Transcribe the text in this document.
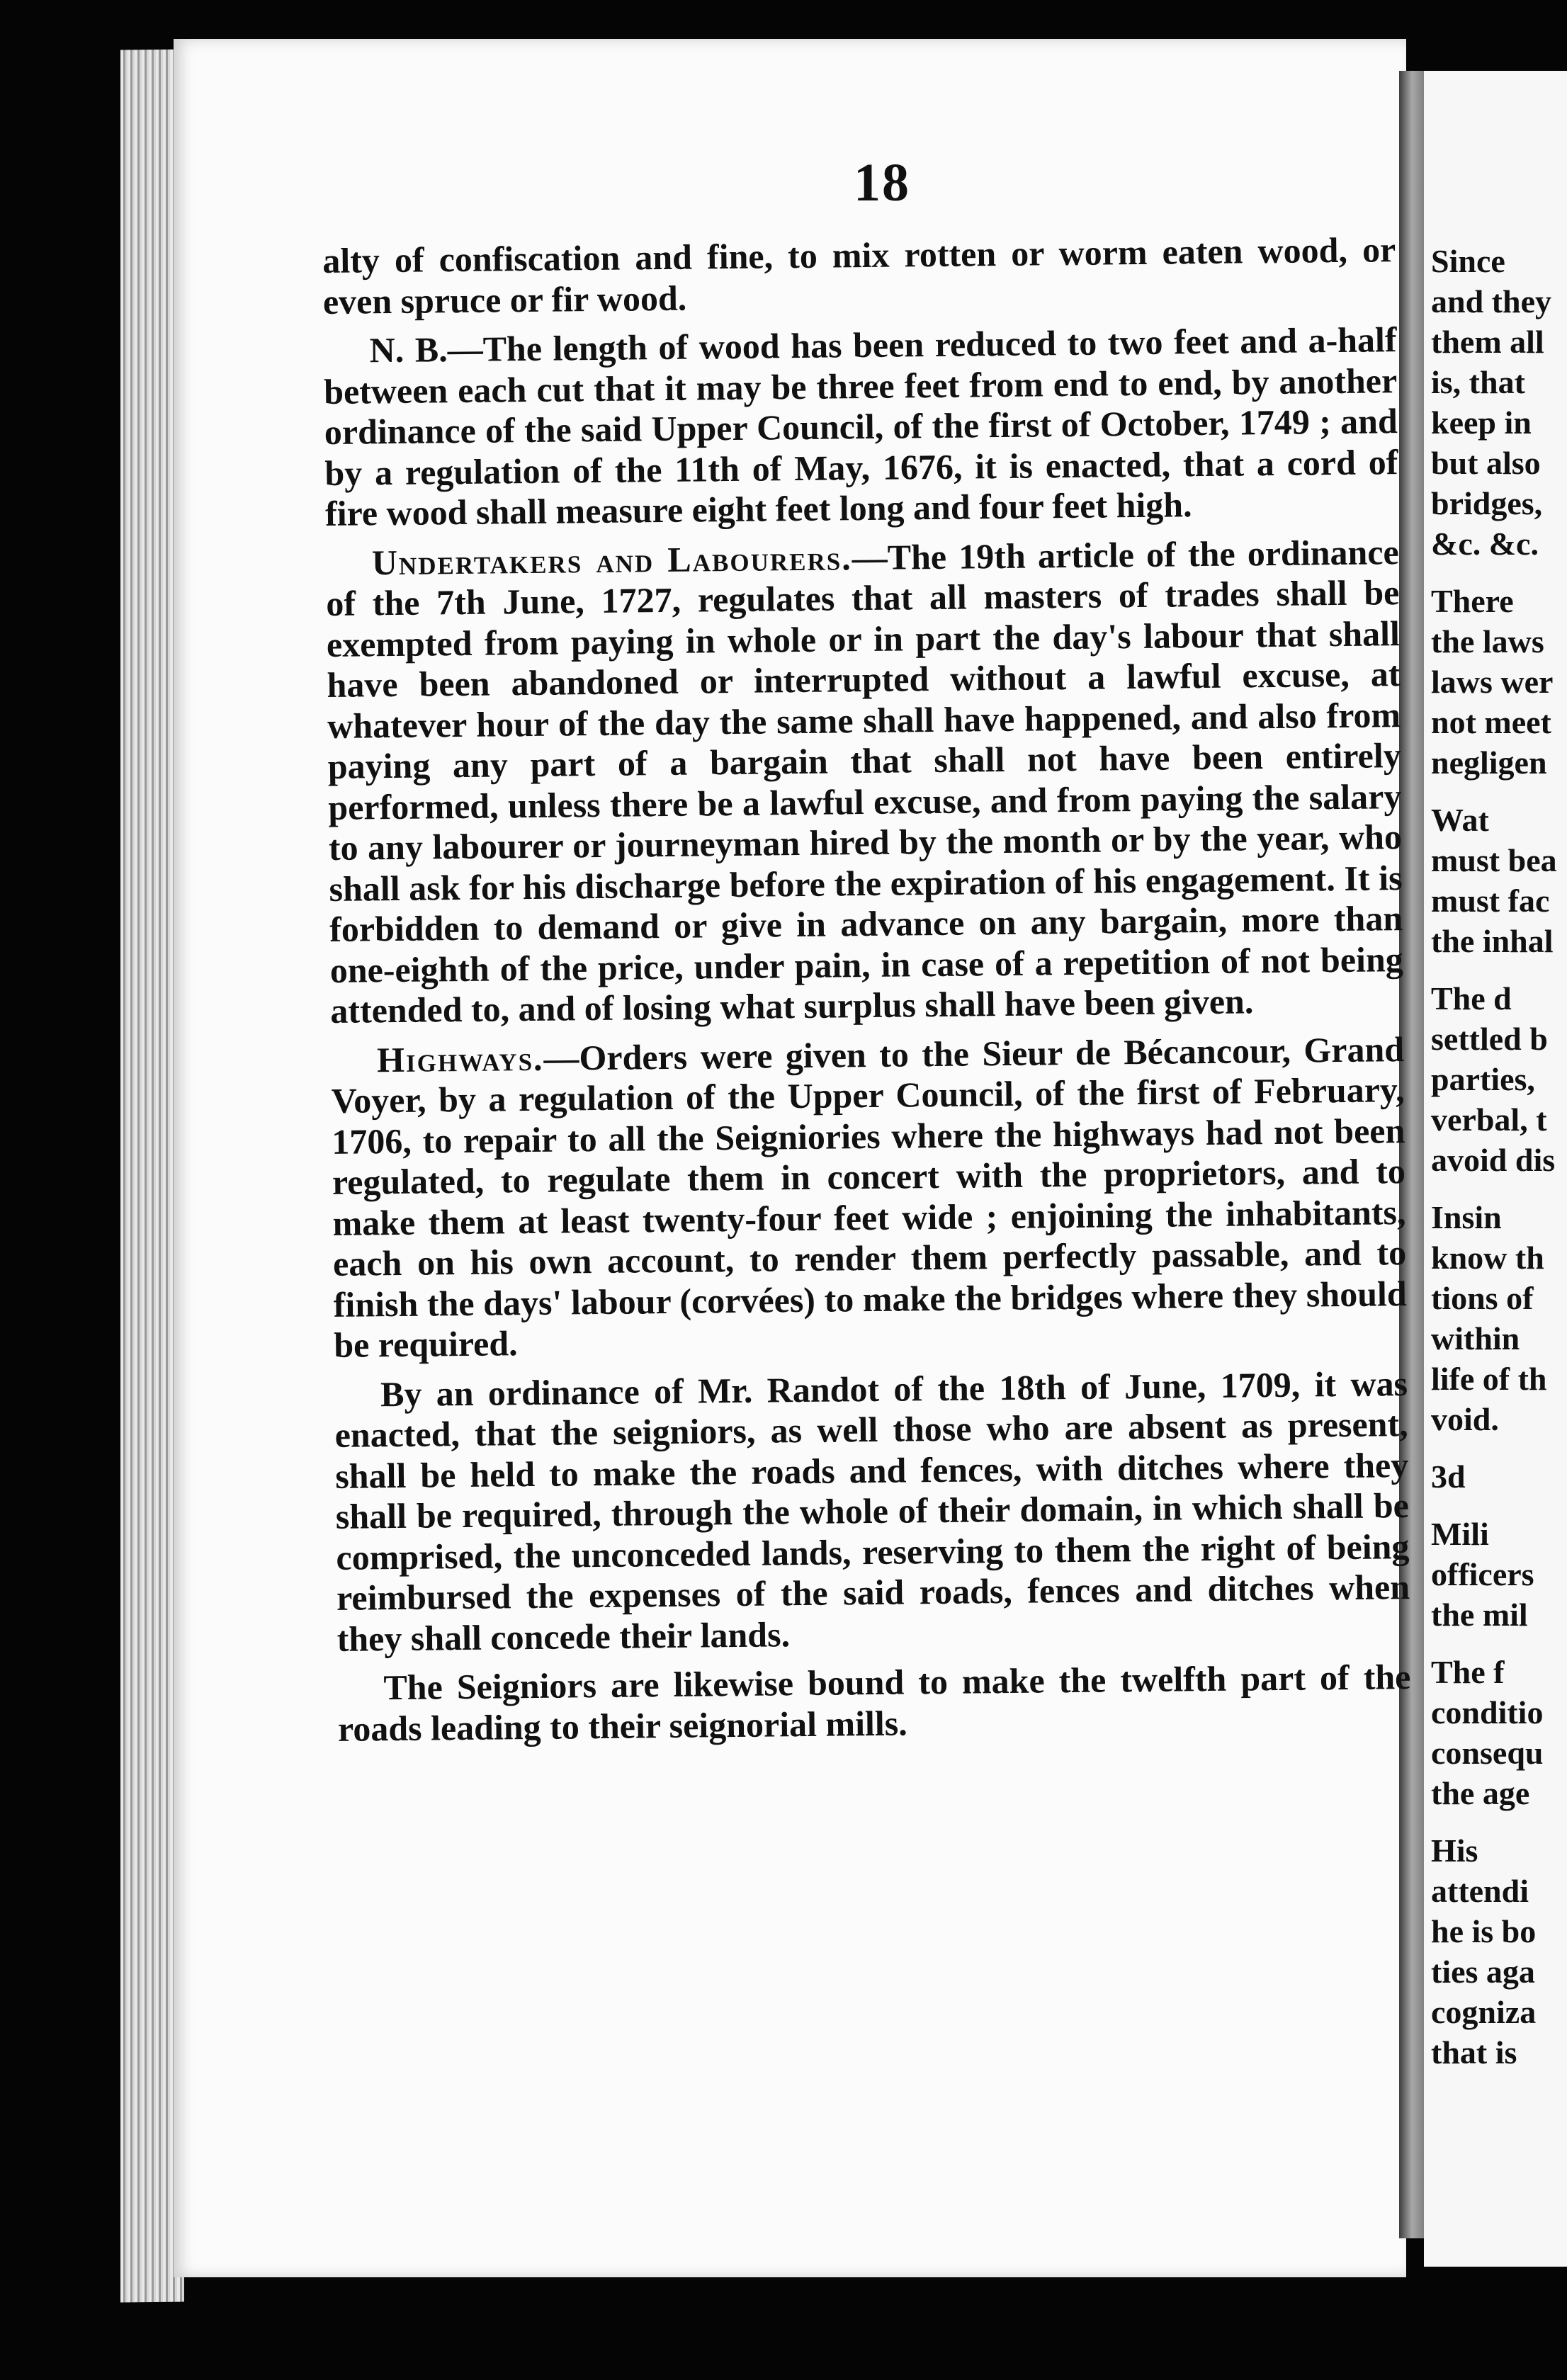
Since
and they
them all
is, that
keep in
but also
bridges,
&c. &c.
There
the laws
laws wer
not meet
negligen
Wat
must bea
must fac
the inhal
The d
settled b
parties,
verbal, t
avoid dis
Insin
know th
tions of
within
life of th
void.
3d
Mili
officers
the mil
The f
conditio
consequ
the age
His
attendi
he is bo
ties aga
cogniza
that is
18

alty of confiscation and fine, to mix rotten or worm eaten wood, or even spruce or fir wood.

N. B.—The length of wood has been reduced to two feet and a-half between each cut that it may be three feet from end to end, by another ordinance of the said Upper Council, of the first of October, 1749 ; and by a regulation of the 11th of May, 1676, it is enacted, that a cord of fire wood shall measure eight feet long and four feet high.

Undertakers and Labourers.—The 19th article of the ordinance of the 7th June, 1727, regulates that all masters of trades shall be exempted from paying in whole or in part the day's labour that shall have been abandoned or interrupted without a lawful excuse, at whatever hour of the day the same shall have happened, and also from paying any part of a bargain that shall not have been entirely performed, unless there be a lawful excuse, and from paying the salary to any labourer or journeyman hired by the month or by the year, who shall ask for his discharge before the expiration of his engagement. It is forbidden to demand or give in advance on any bargain, more than one-eighth of the price, under pain, in case of a repetition of not being attended to, and of losing what surplus shall have been given.

Highways.—Orders were given to the Sieur de Bécancour, Grand Voyer, by a regulation of the Upper Council, of the first of February, 1706, to repair to all the Seigniories where the highways had not been regulated, to regulate them in concert with the proprietors, and to make them at least twenty-four feet wide ; enjoining the inhabitants, each on his own account, to render them perfectly passable, and to finish the days' labour (corvées) to make the bridges where they should be required.

By an ordinance of Mr. Randot of the 18th of June, 1709, it was enacted, that the seigniors, as well those who are absent as present, shall be held to make the roads and fences, with ditches where they shall be required, through the whole of their domain, in which shall be comprised, the unconceded lands, reserving to them the right of being reimbursed the expenses of the said roads, fences and ditches when they shall concede their lands.

The Seigniors are likewise bound to make the twelfth part of the roads leading to their seignorial mills.
